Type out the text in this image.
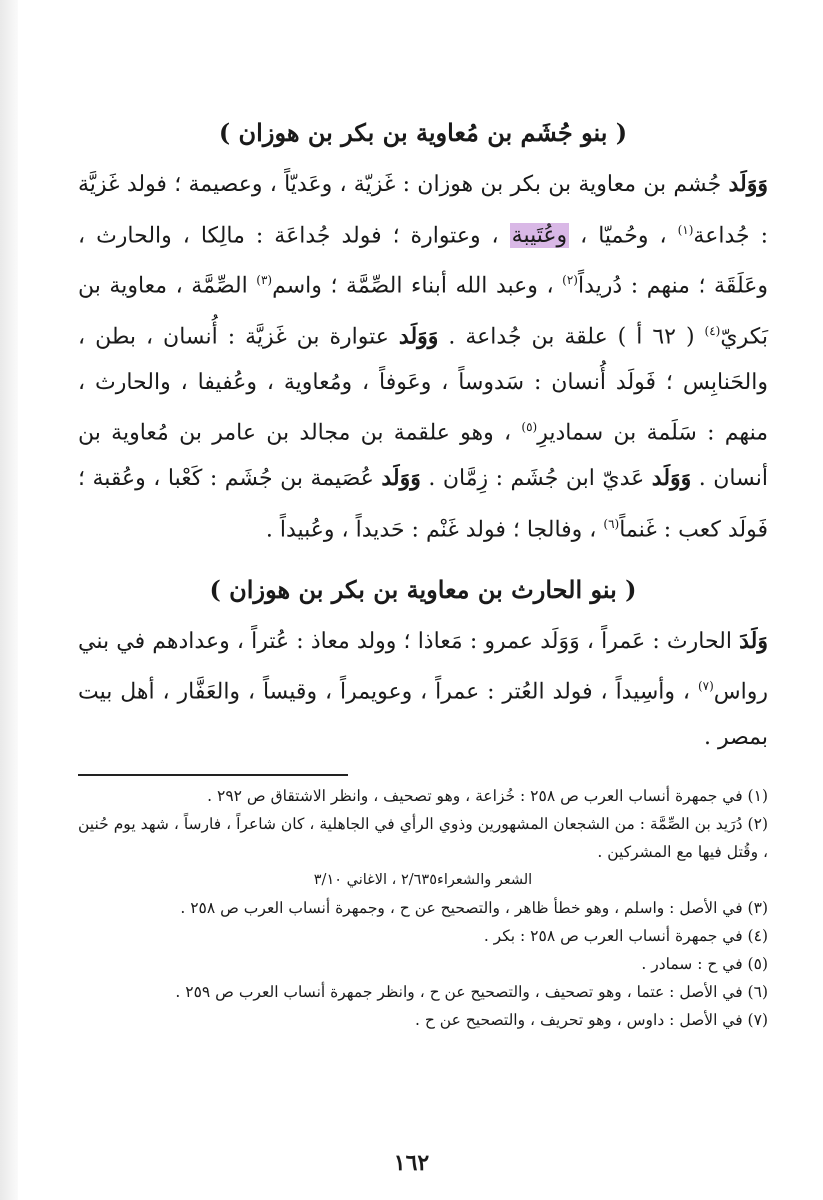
( بنو جُشَم بن مُعاوية بن بكر بن هوزان )

وَوَلَد جُشم بن معاوية بن بكر بن هوزان : غَزيّة ، وعَديّاً ، وعصيمة ؛ فولد غَزيَّة : جُداعة$^{(١)}$ ، وحُميّا ، وعُتَيبة ، وعتوارة ؛ فولد جُداعَة : مالِكا ، والحارث ، وعَلَقَة ؛ منهم : دُريداً$^{(٢)}$ ، وعبد الله أبناء الصِّمَّة ؛ واسم$^{(٣)}$ الصِّمَّة ، معاوية بن بَكريّ$^{(٤)}$ ( ٦٢ أ ) علقة بن جُداعة . وَوَلَد عتوارة بن غَزيَّة : أُنسان ، بطن ، والحَنابِس ؛ فَولَد أُنسان : سَدوساً ، وعَوفاً ، ومُعاوية ، وعُفيفا ، والحارث ، منهم : سَلَمة بن سماديرِ$^{(٥)}$ ، وهو علقمة بن مجالد بن عامر بن مُعاوية بن أنسان . وَوَلَد عَديّ ابن جُشَم : زِمَّان . وَوَلَد عُصَيمة بن جُشَم : كَعْبا ، وعُقبة ؛ فَولَد كعب : غَنماً$^{(٦)}$ ، وفالجا ؛ فولد غَنْم : حَديداً ، وعُبيداً .

( بنو الحارث بن معاوية بن بكر بن هوزان )

وَلَدَ الحارث : عَمراً ، وَوَلَد عمرو : مَعاذا ؛ وولد معاذ : عُتراً ، وعدادهم في بني رواس$^{(٧)}$ ، وأسِيداً ، فولد العُتر : عمراً ، وعويمراً ، وقيساً ، والعَفَّار ، أهل بيت بمصر .

(١) في جمهرة أنساب العرب ص ٢٥٨ : خُزاعة ، وهو تصحيف ، وانظر الاشتقاق ص ٢٩٢ .

(٢) دُرَيد بن الصِّمَّة : من الشجعان المشهورين وذوي الرأي في الجاهلية ، كان شاعراً ، فارساً ، شهد يوم حُنين ، وقُتل فيها مع المشركين .

الشعر والشعراء٢/٦٣٥ ، الاغاني ٣/١٠

(٣) في الأصل : واسلم ، وهو خطأ ظاهر ، والتصحيح عن ح ، وجمهرة أنساب العرب ص ٢٥٨ .

(٤) في جمهرة أنساب العرب ص ٢٥٨ : بكر .

(٥) في ح : سمادر .

(٦) في الأصل : عتما ، وهو تصحيف ، والتصحيح عن ح ، وانظر جمهرة أنساب العرب ص ٢٥٩ .

(٧) في الأصل : داوس ، وهو تحريف ، والتصحيح عن ح .

١٦٢
